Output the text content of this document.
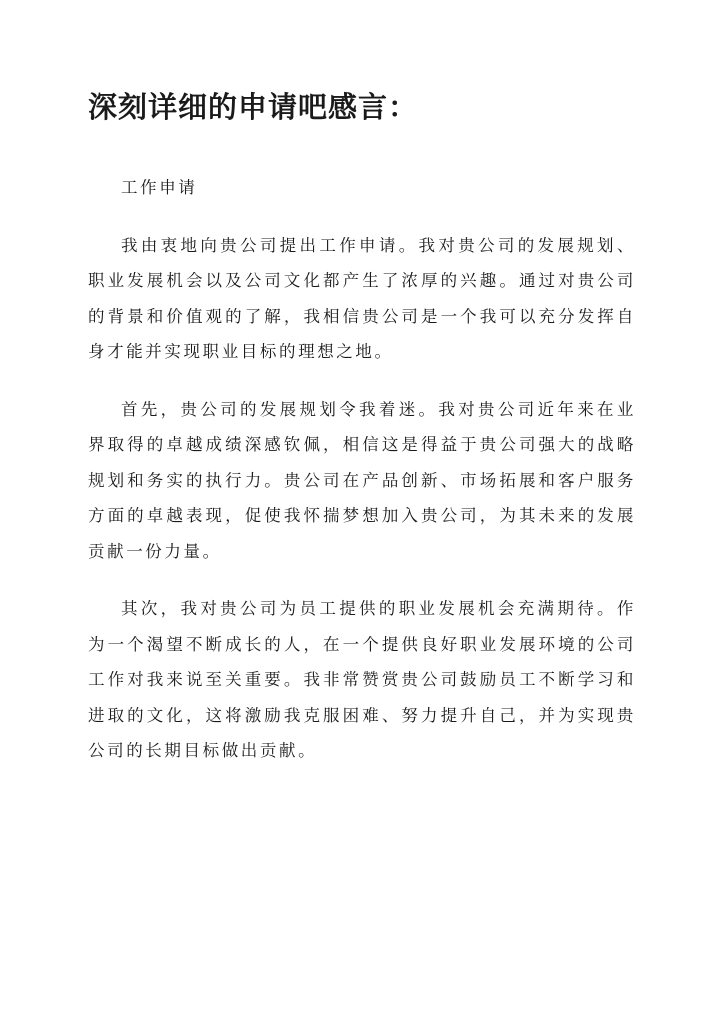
深刻详细的申请吧感言：

工作申请

我由衷地向贵公司提出工作申请。我对贵公司的发展规划、职业发展机会以及公司文化都产生了浓厚的兴趣。通过对贵公司的背景和价值观的了解，我相信贵公司是一个我可以充分发挥自身才能并实现职业目标的理想之地。

首先，贵公司的发展规划令我着迷。我对贵公司近年来在业界取得的卓越成绩深感钦佩，相信这是得益于贵公司强大的战略规划和务实的执行力。贵公司在产品创新、市场拓展和客户服务方面的卓越表现，促使我怀揣梦想加入贵公司，为其未来的发展贡献一份力量。

其次，我对贵公司为员工提供的职业发展机会充满期待。作为一个渴望不断成长的人，在一个提供良好职业发展环境的公司工作对我来说至关重要。我非常赞赏贵公司鼓励员工不断学习和进取的文化，这将激励我克服困难、努力提升自己，并为实现贵公司的长期目标做出贡献。
